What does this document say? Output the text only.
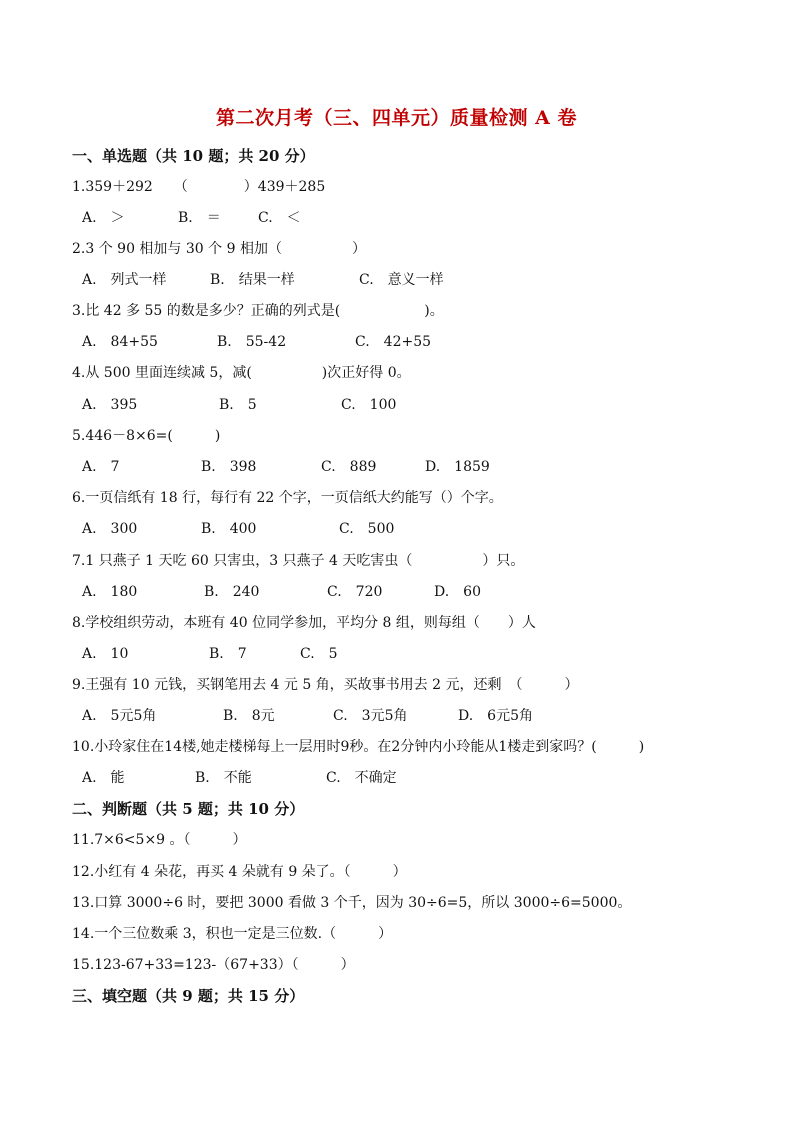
第二次月考（三、四单元）质量检测 A 卷
一、单选题（共 10 题；共 20 分）
1.359＋292　　（　　　　）439＋285
A.　＞	B.　＝	C.　＜
2.3 个 90 相加与 30 个 9 相加（　　　　　）
A.　列式一样	B.　结果一样	C.　意义一样
3.比 42 多 55 的数是多少？正确的列式是(　　　　　　)。
A.　84+55	B.　55-42	C.　42+55
4.从 500 里面连续减 5，减(　　　　　)次正好得 0。
A.　395	B.　5	C.　100
5.446－8×6=(　　　)
A.　7	B.　398	C.　889	D.　1859
6.一页信纸有 18 行，每行有 22 个字，一页信纸大约能写（）个字。
A.　300	B.　400	C.　500
7.1 只燕子 1 天吃 60 只害虫，3 只燕子 4 天吃害虫（　　　　　）只。
A.　180	B.　240	C.　720	D.　60
8.学校组织劳动，本班有 40 位同学参加，平均分 8 组，则每组（　　）人
A.　10	B.　7	C.　5
9.王强有 10 元钱，买钢笔用去 4 元 5 角，买故事书用去 2 元，还剩　（　　　）
A.　5元5角	B.　8元	C.　3元5角	D.　6元5角
10.小玲家住在14楼,她走楼梯每上一层用时9秒。在2分钟内小玲能从1楼走到家吗？(　　　)
A.　能	B.　不能	C.　不确定
二、判断题（共 5 题；共 10 分）
11.7×6<5×9 。（　　　）
12.小红有 4 朵花，再买 4 朵就有 9 朵了。（　　　）
13.口算 3000÷6 时，要把 3000 看做 3 个千，因为 30÷6=5，所以 3000÷6=5000。
14.一个三位数乘 3，积也一定是三位数.（　　　）
15.123-67+33=123-（67+33）（　　　）
三、填空题（共 9 题；共 15 分）
